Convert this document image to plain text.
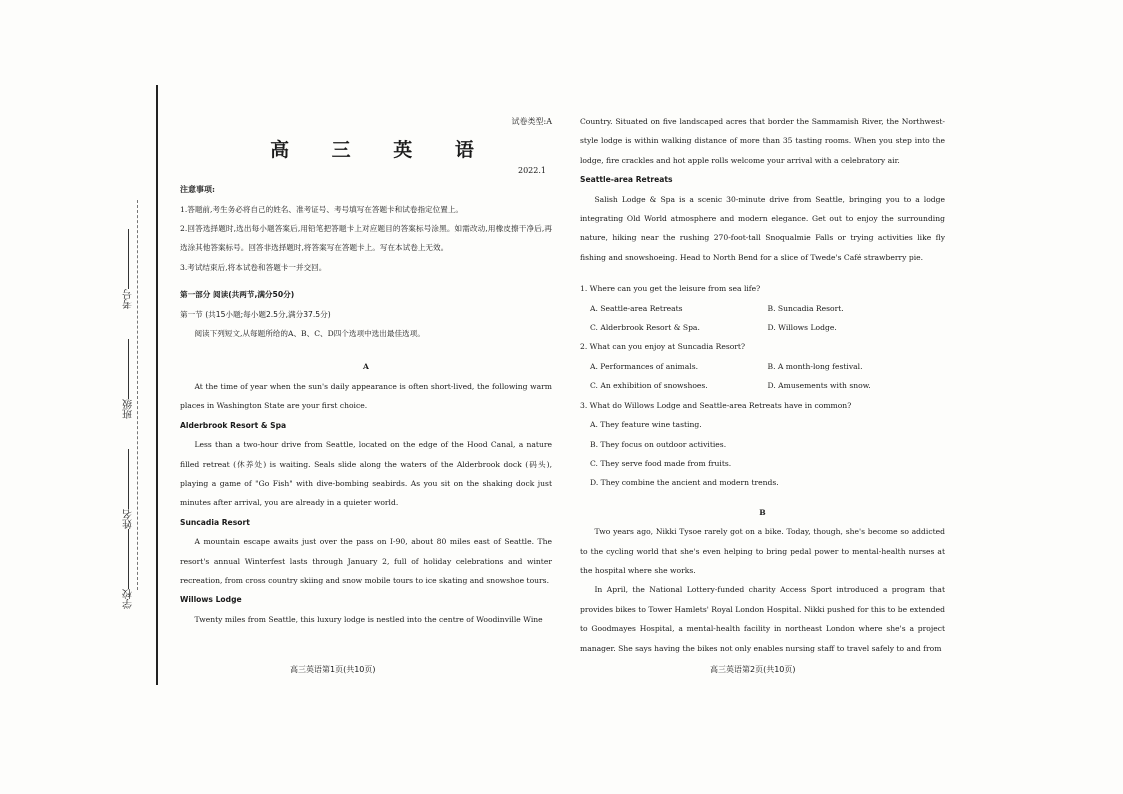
考号
班级
姓名
学校
试卷类型:A
高 三 英 语
2022.1
注意事项:

1.答题前,考生务必将自己的姓名、准考证号、考号填写在答题卡和试卷指定位置上。

2.回答选择题时,选出每小题答案后,用铅笔把答题卡上对应题目的答案标号涂黑。如需改动,用橡皮擦干净后,再选涂其他答案标号。回答非选择题时,将答案写在答题卡上。写在本试卷上无效。

3.考试结束后,将本试卷和答题卡一并交回。

第一部分 阅读(共两节,满分50分)
第一节 (共15小题;每小题2.5分,满分37.5分)

阅读下列短文,从每题所给的A、B、C、D四个选项中选出最佳选项。

A

At the time of year when the sun's daily appearance is often short-lived, the following warm places in Washington State are your first choice.

Alderbrook Resort & Spa

Less than a two-hour drive from Seattle, located on the edge of the Hood Canal, a nature filled retreat (休养处) is waiting. Seals slide along the waters of the Alderbrook dock (码头), playing a game of "Go Fish" with dive-bombing seabirds. As you sit on the shaking dock just minutes after arrival, you are already in a quieter world.

Suncadia Resort

A mountain escape awaits just over the pass on I-90, about 80 miles east of Seattle. The resort's annual Winterfest lasts through January 2, full of holiday celebrations and winter recreation, from cross country skiing and snow mobile tours to ice skating and snowshoe tours.

Willows Lodge

Twenty miles from Seattle, this luxury lodge is nestled into the centre of Woodinville Wine

Country. Situated on five landscaped acres that border the Sammamish River, the Northwest-style lodge is within walking distance of more than 35 tasting rooms. When you step into the lodge, fire crackles and hot apple rolls welcome your arrival with a celebratory air.

Seattle-area Retreats

Salish Lodge & Spa is a scenic 30-minute drive from Seattle, bringing you to a lodge integrating Old World atmosphere and modern elegance. Get out to enjoy the surrounding nature, hiking near the rushing 270-foot-tall Snoqualmie Falls or trying activities like fly fishing and snowshoeing. Head to North Bend for a slice of Twede's Café strawberry pie.

1. Where can you get the leisure from sea life?

A. Seattle-area Retreats	B. Suncadia Resort.

C. Alderbrook Resort & Spa.	D. Willows Lodge.

2. What can you enjoy at Suncadia Resort?

A. Performances of animals.	B. A month-long festival.

C. An exhibition of snowshoes.	D. Amusements with snow.

3. What do Willows Lodge and Seattle-area Retreats have in common?

A. They feature wine tasting.

B. They focus on outdoor activities.

C. They serve food made from fruits.

D. They combine the ancient and modern trends.

B

Two years ago, Nikki Tysoe rarely got on a bike. Today, though, she's become so addicted to the cycling world that she's even helping to bring pedal power to mental-health nurses at the hospital where she works.

In April, the National Lottery-funded charity Access Sport introduced a program that provides bikes to Tower Hamlets' Royal London Hospital. Nikki pushed for this to be extended to Goodmayes Hospital, a mental-health facility in northeast London where she's a project manager. She says having the bikes not only enables nursing staff to travel safely to and from

高三英语第1页(共10页)	高三英语第2页(共10页)
